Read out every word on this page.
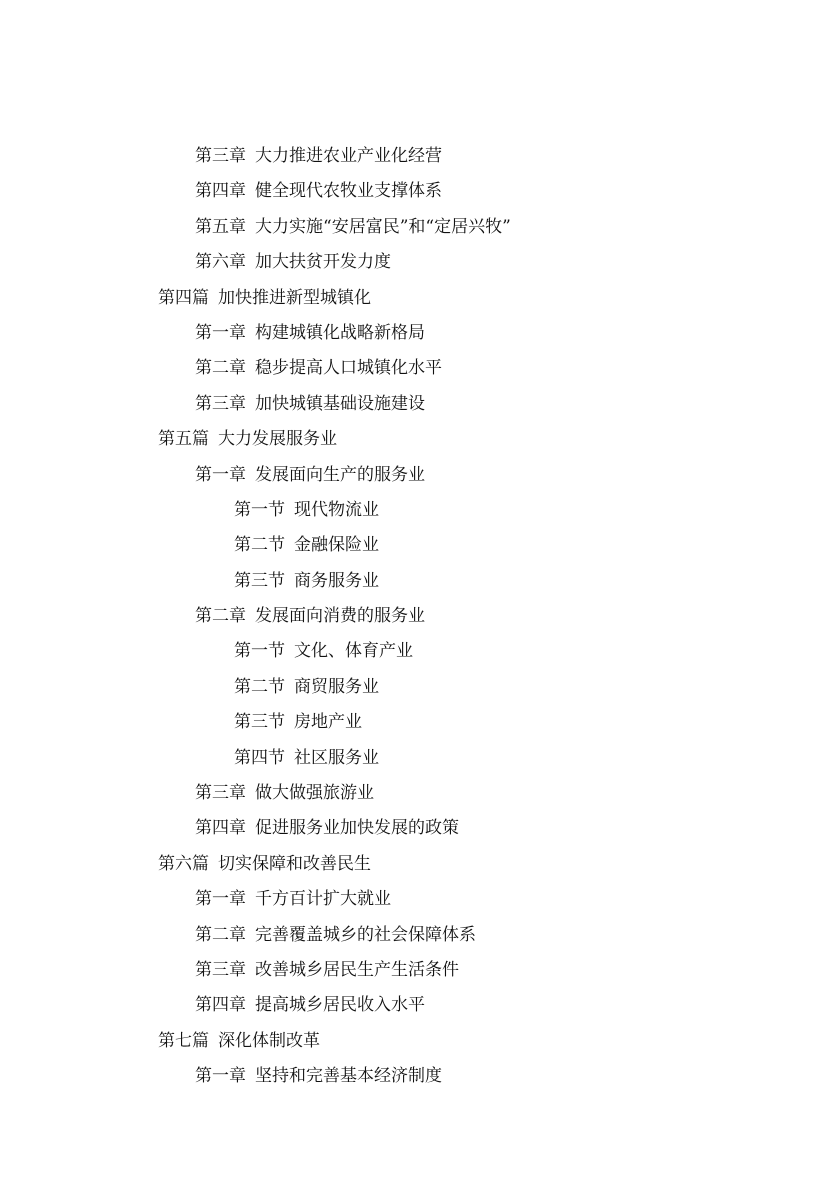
第三章 大力推进农业产业化经营
第四章 健全现代农牧业支撑体系
第五章 大力实施“安居富民”和“定居兴牧”
第六章 加大扶贫开发力度
第四篇 加快推进新型城镇化
第一章 构建城镇化战略新格局
第二章 稳步提高人口城镇化水平
第三章 加快城镇基础设施建设
第五篇 大力发展服务业
第一章 发展面向生产的服务业
第一节 现代物流业
第二节 金融保险业
第三节 商务服务业
第二章 发展面向消费的服务业
第一节 文化、体育产业
第二节 商贸服务业
第三节 房地产业
第四节 社区服务业
第三章 做大做强旅游业
第四章 促进服务业加快发展的政策
第六篇 切实保障和改善民生
第一章 千方百计扩大就业
第二章 完善覆盖城乡的社会保障体系
第三章 改善城乡居民生产生活条件
第四章 提高城乡居民收入水平
第七篇 深化体制改革
第一章 坚持和完善基本经济制度
